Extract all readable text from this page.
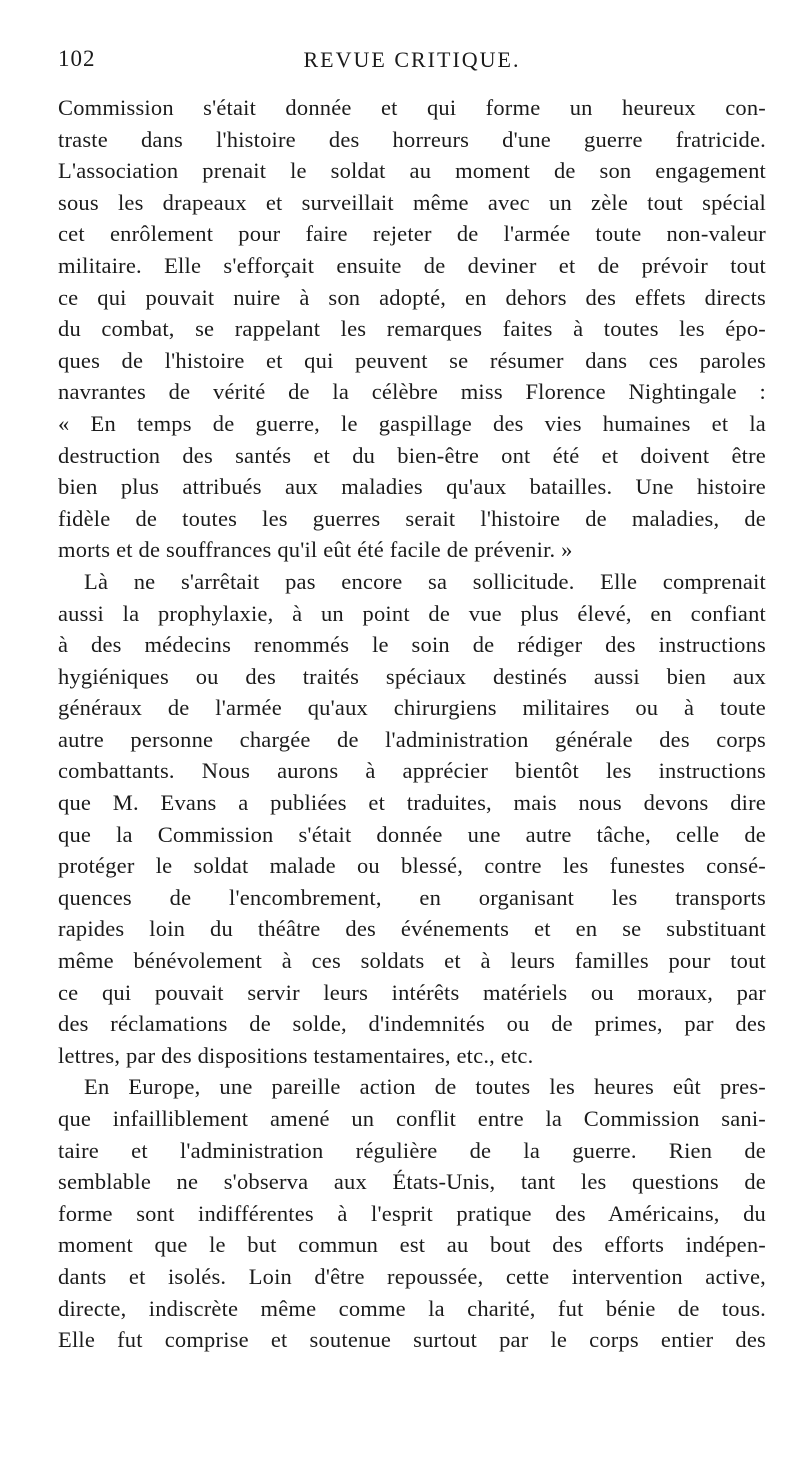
102	REVUE CRITIQUE.
Commission s'était donnée et qui forme un heureux con-
traste dans l'histoire des horreurs d'une guerre fratricide.
L'association prenait le soldat au moment de son engagement
sous les drapeaux et surveillait même avec un zèle tout spécial
cet enrôlement pour faire rejeter de l'armée toute non-valeur
militaire. Elle s'efforçait ensuite de deviner et de prévoir tout
ce qui pouvait nuire à son adopté, en dehors des effets directs
du combat, se rappelant les remarques faites à toutes les épo-
ques de l'histoire et qui peuvent se résumer dans ces paroles
navrantes de vérité de la célèbre miss Florence Nightingale :
« En temps de guerre, le gaspillage des vies humaines et la
destruction des santés et du bien-être ont été et doivent être
bien plus attribués aux maladies qu'aux batailles. Une histoire
fidèle de toutes les guerres serait l'histoire de maladies, de
morts et de souffrances qu'il eût été facile de prévenir. »
Là ne s'arrêtait pas encore sa sollicitude. Elle comprenait
aussi la prophylaxie, à un point de vue plus élevé, en confiant
à des médecins renommés le soin de rédiger des instructions
hygiéniques ou des traités spéciaux destinés aussi bien aux
généraux de l'armée qu'aux chirurgiens militaires ou à toute
autre personne chargée de l'administration générale des corps
combattants. Nous aurons à apprécier bientôt les instructions
que M. Evans a publiées et traduites, mais nous devons dire
que la Commission s'était donnée une autre tâche, celle de
protéger le soldat malade ou blessé, contre les funestes consé-
quences de l'encombrement, en organisant les transports
rapides loin du théâtre des événements et en se substituant
même bénévolement à ces soldats et à leurs familles pour tout
ce qui pouvait servir leurs intérêts matériels ou moraux, par
des réclamations de solde, d'indemnités ou de primes, par des
lettres, par des dispositions testamentaires, etc., etc.
En Europe, une pareille action de toutes les heures eût pres-
que infailliblement amené un conflit entre la Commission sani-
taire et l'administration régulière de la guerre. Rien de
semblable ne s'observa aux États-Unis, tant les questions de
forme sont indifférentes à l'esprit pratique des Américains, du
moment que le but commun est au bout des efforts indépen-
dants et isolés. Loin d'être repoussée, cette intervention active,
directe, indiscrète même comme la charité, fut bénie de tous.
Elle fut comprise et soutenue surtout par le corps entier des
